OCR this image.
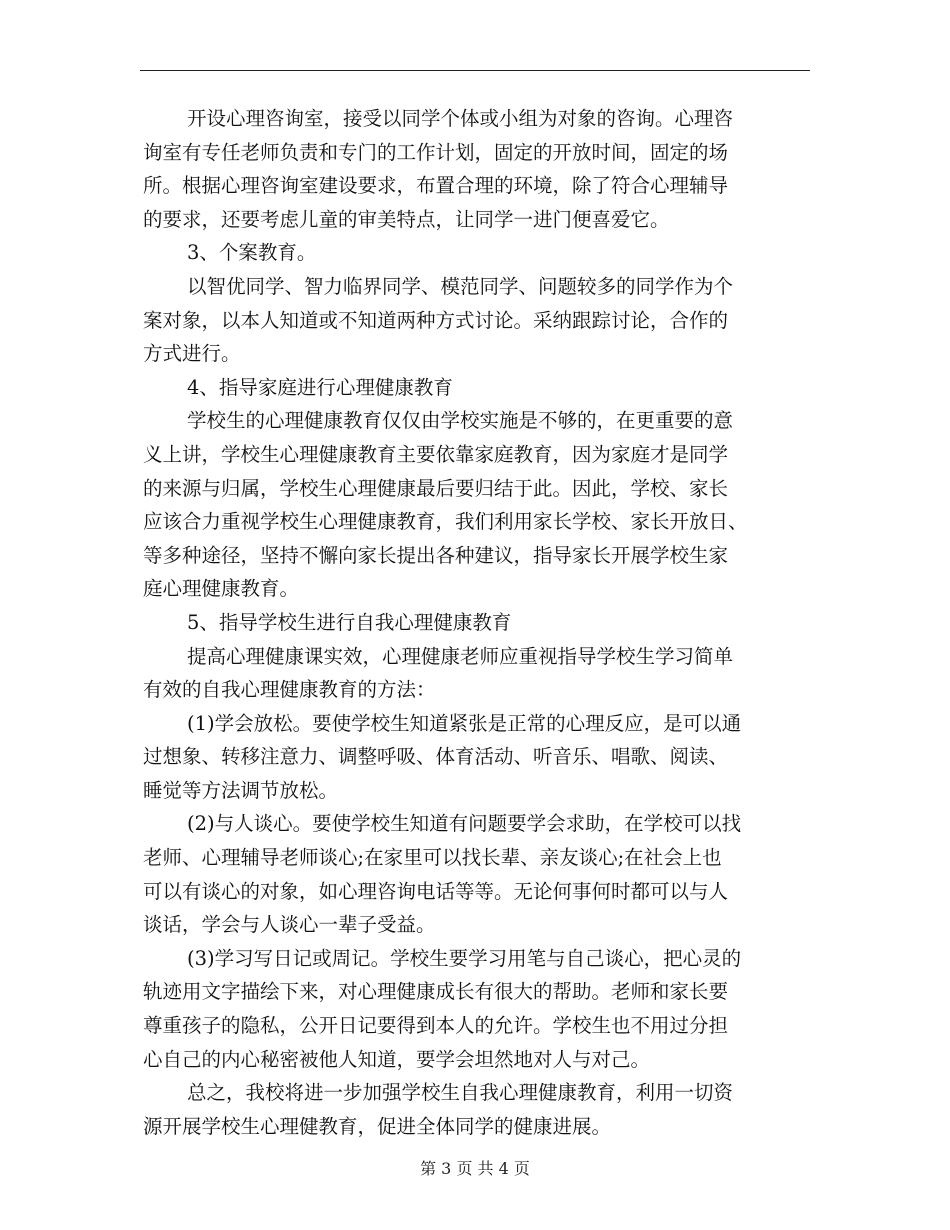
开设心理咨询室，接受以同学个体或小组为对象的咨询。心理咨
询室有专任老师负责和专门的工作计划，固定的开放时间，固定的场
所。根据心理咨询室建设要求，布置合理的环境，除了符合心理辅导
的要求，还要考虑儿童的审美特点，让同学一进门便喜爱它。
3、个案教育。
以智优同学、智力临界同学、模范同学、问题较多的同学作为个
案对象，以本人知道或不知道两种方式讨论。采纳跟踪讨论，合作的
方式进行。
4、指导家庭进行心理健康教育
学校生的心理健康教育仅仅由学校实施是不够的，在更重要的意
义上讲，学校生心理健康教育主要依靠家庭教育，因为家庭才是同学
的来源与归属，学校生心理健康最后要归结于此。因此，学校、家长
应该合力重视学校生心理健康教育，我们利用家长学校、家长开放日、
等多种途径，坚持不懈向家长提出各种建议，指导家长开展学校生家
庭心理健康教育。
5、指导学校生进行自我心理健康教育
提高心理健康课实效，心理健康老师应重视指导学校生学习简单
有效的自我心理健康教育的方法：
(1)学会放松。要使学校生知道紧张是正常的心理反应，是可以通
过想象、转移注意力、调整呼吸、体育活动、听音乐、唱歌、阅读、
睡觉等方法调节放松。
(2)与人谈心。要使学校生知道有问题要学会求助，在学校可以找
老师、心理辅导老师谈心;在家里可以找长辈、亲友谈心;在社会上也
可以有谈心的对象，如心理咨询电话等等。无论何事何时都可以与人
谈话，学会与人谈心一辈子受益。
(3)学习写日记或周记。学校生要学习用笔与自己谈心，把心灵的
轨迹用文字描绘下来，对心理健康成长有很大的帮助。老师和家长要
尊重孩子的隐私，公开日记要得到本人的允许。学校生也不用过分担
心自己的内心秘密被他人知道，要学会坦然地对人与对己。
总之，我校将进一步加强学校生自我心理健康教育，利用一切资
源开展学校生心理健教育，促进全体同学的健康进展。
第 3 页 共 4 页
